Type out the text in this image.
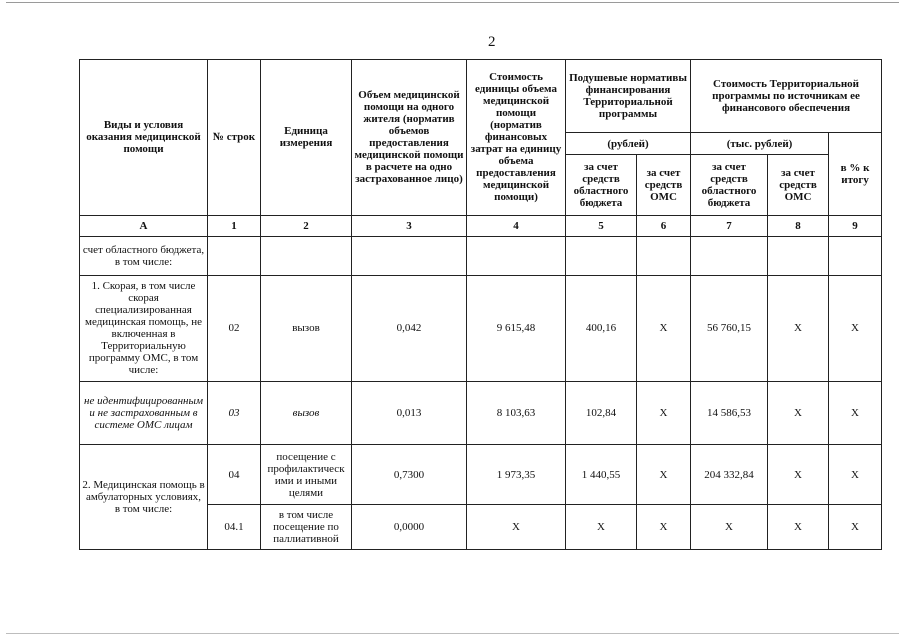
2
Виды и условия оказания медицинской помощи	№ строк	Единица измерения	Объем медицинской помощи на одного жителя (норматив объемов предоставления медицинской помощи в расчете на одно застрахованное лицо)	Стоимость единицы объема медицинской помощи (норматив финансовых затрат на единицу объема предоставления медицинской помощи)	Подушевые нормативы финансирования Территориальной программы		Стоимость Территориальной программы по источникам ее финансового обеспечения		
					(рублей)		(тыс. рублей)		в % к итогу
					за счет средств областного бюджета	за счет средств ОМС	за счет средств областного бюджета	за счет средств ОМС	
А	1	2	3	4	5	6	7	8	9
счет областного бюджета, в том числе:									
1. Скорая, в том числе скорая специализированная медицинская помощь, не включенная в Территориальную программу ОМС, в том числе:	02	вызов	0,042	9 615,48	400,16	Х	56 760,15	Х	Х
не идентифицированным и не застрахованным в системе ОМС лицам	03	вызов	0,013	8 103,63	102,84	Х	14 586,53	Х	Х
2. Медицинская помощь в амбулаторных условиях, в том числе:	04	посещение с профилактическ ими и иными целями	0,7300	1 973,35	1 440,55	Х	204 332,84	Х	Х
	04.1	в том числе посещение по паллиативной	0,0000	Х	Х	Х	Х	Х	Х
